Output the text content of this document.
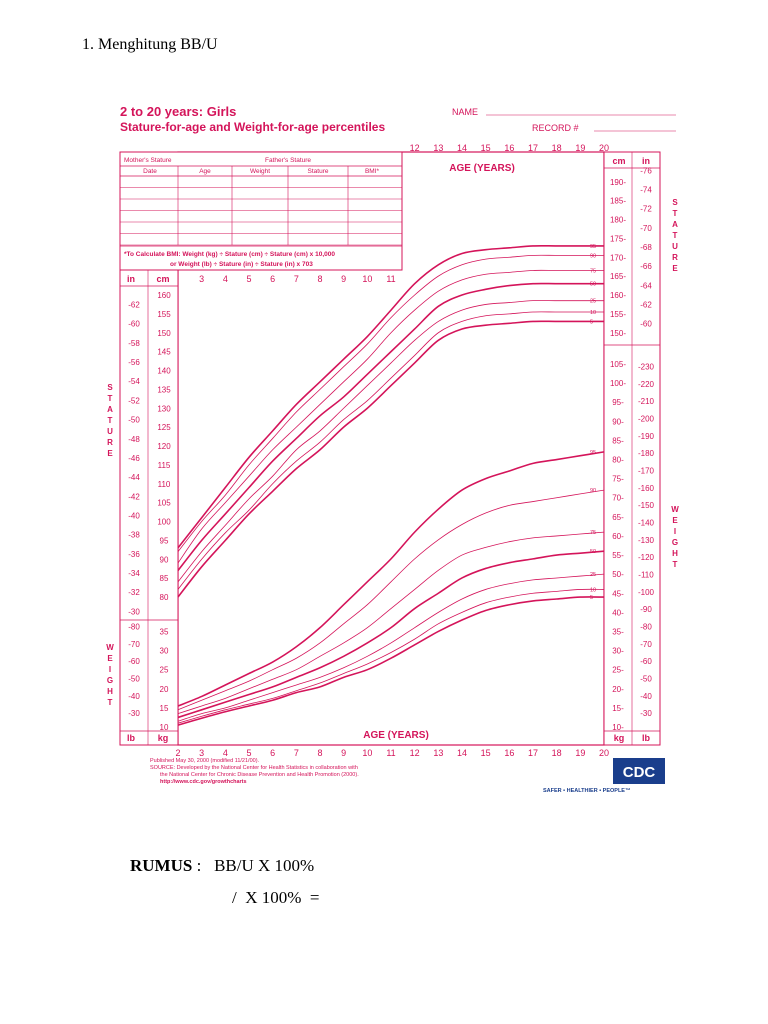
1. Menghitung BB/U
95
90
75
50
25
10
5
95
90
75
50
25
10
5
80
85
90
95
100
105
110
115
120
125
130
135
140
145
150
155
160
-30
-32
-34
-36
-38
-40
-42
-44
-46
-48
-50
-52
-54
-56
-58
-60
-62
10
15
20
25
30
35
-30
-40
-50
-60
-70
-80
150-
155-
160-
165-
170-
175-
180-
185-
190-
-60
-62
-64
-66
-68
-70
-72
-74
-76
10-
15-
20-
25-
30-
35-
40-
45-
50-
55-
60-
65-
70-
75-
80-
85-
90-
95-
100-
105-
-30
-40
-50
-60
-70
-80
-90
-100
-110
-120
-130
-140
-150
-160
-170
-180
-190
-200
-210
-220
-230
3 4 5 6 7 8 9 10 11
12 13 14 15 16 17 18 19 20
2 3 4 5 6 7 8 9 10 11 12 13 14 15 16 17 18 19 20
2 to 20 years: Girls
Stature-for-age and Weight-for-age percentiles
NAME
RECORD #
Mother's Stature	Father's Stature
Date	Age	Weight	Stature	BMI*
*To Calculate BMI: Weight (kg) ÷ Stature (cm) ÷ Stature (cm) x 10,000
or Weight (lb) ÷ Stature (in) ÷ Stature (in) x 703
AGE (YEARS)
AGE (YEARS)
in cm
lb	kg
cm in
kg lb
S T A T U R E
W E I G H T
S T A T U R E
W E I G H T
Published May 30, 2000 (modified 11/21/00).
SOURCE: Developed by the National Center for Health Statistics in collaboration with
the National Center for Chronic Disease Prevention and Health Promotion (2000).
http://www.cdc.gov/growthcharts
CDC
SAFER • HEALTHIER • PEOPLE™
RUMUS :   BB/U X 100%
/  X 100%  =
